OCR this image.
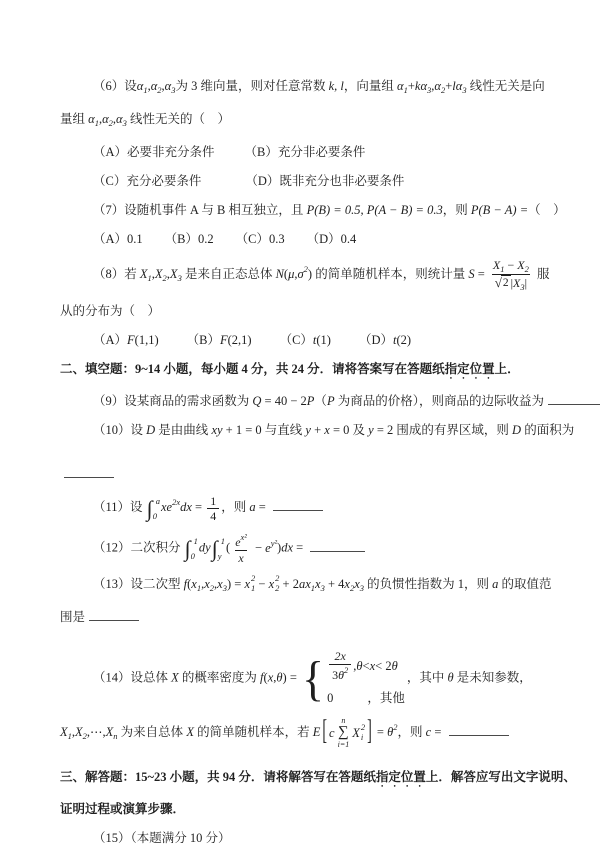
（6）设$\alpha_1,\alpha_2,\alpha_3$为 3 维向量，则对任意常数 k, l，向量组 $\alpha_1+k\alpha_3,\alpha_2+l\alpha_3$ 线性无关是向
量组 $\alpha_1,\alpha_2,\alpha_3$ 线性无关的（　）
（A）必要非充分条件 （B）充分非必要条件
（C）充分必要条件	（D）既非充分也非必要条件
（7）设随机事件 A 与 B 相互独立，且 P(B) = 0.5, P(A − B) = 0.3，则 P(B − A) =（　）
（A）0.1 （B）0.2 （C）0.3 （D）0.4
（8）若 $X_1,X_2,X_3$ 是来自正态总体 $N(\mu,\sigma^2)$ 的简单随机样本，则统计量 $S = \frac{X_1 - X_2}{√ 2 |X_3|}$ 服
从的分布为（　）
（A）F(1,1) （B）F(2,1) （C）t(1) （D）t(2)
二、填空题：9~14 小题，每小题 4 分，共 24 分．请将答案写在答题纸指定位置上．
（9）设某商品的需求函数为 Q = 40 − 2P（P 为商品的价格），则商品的边际收益为
（10）设 D 是由曲线 xy + 1 = 0 与直线 y + x = 0 及 y = 2 围成的有界区域，则 D 的面积为
（11）设 ∫ a
0
$xe^{2x}dx = \frac{1}{4}$ ，则 a =
（12）二次积分 ∫ 1
0
dy ∫ 1
y
( $\frac{e^{x^2}}{x} - e^{y^2})dx$ =
（13）设二次型 $f(x_1,x_2,x_3) = x$ 2
1 − x 2
$2 + 2ax_1x_3 + 4x_2x_3$ 的负惯性指数为 1，则 a 的取值范
围是
（14）设总体 X 的概率密度为 f(x,θ) = { $\frac{2x}{3\theta^2}$ , θ < x < 2 θ
0	，其他
，其中 θ 是未知参数，
$X_1,X_2,\cdots,X_n$ 为来自总体 X 的简单随机样本，若 E [ c
n
∑
i=1
X 2
i ] = $\theta^2$，则 c =
三、解答题：15~23 小题，共 94 分．请将解答写在答题纸指定位置上．解答应写出文字说明、
证明过程或演算步骤．
（15）（本题满分 10 分）
